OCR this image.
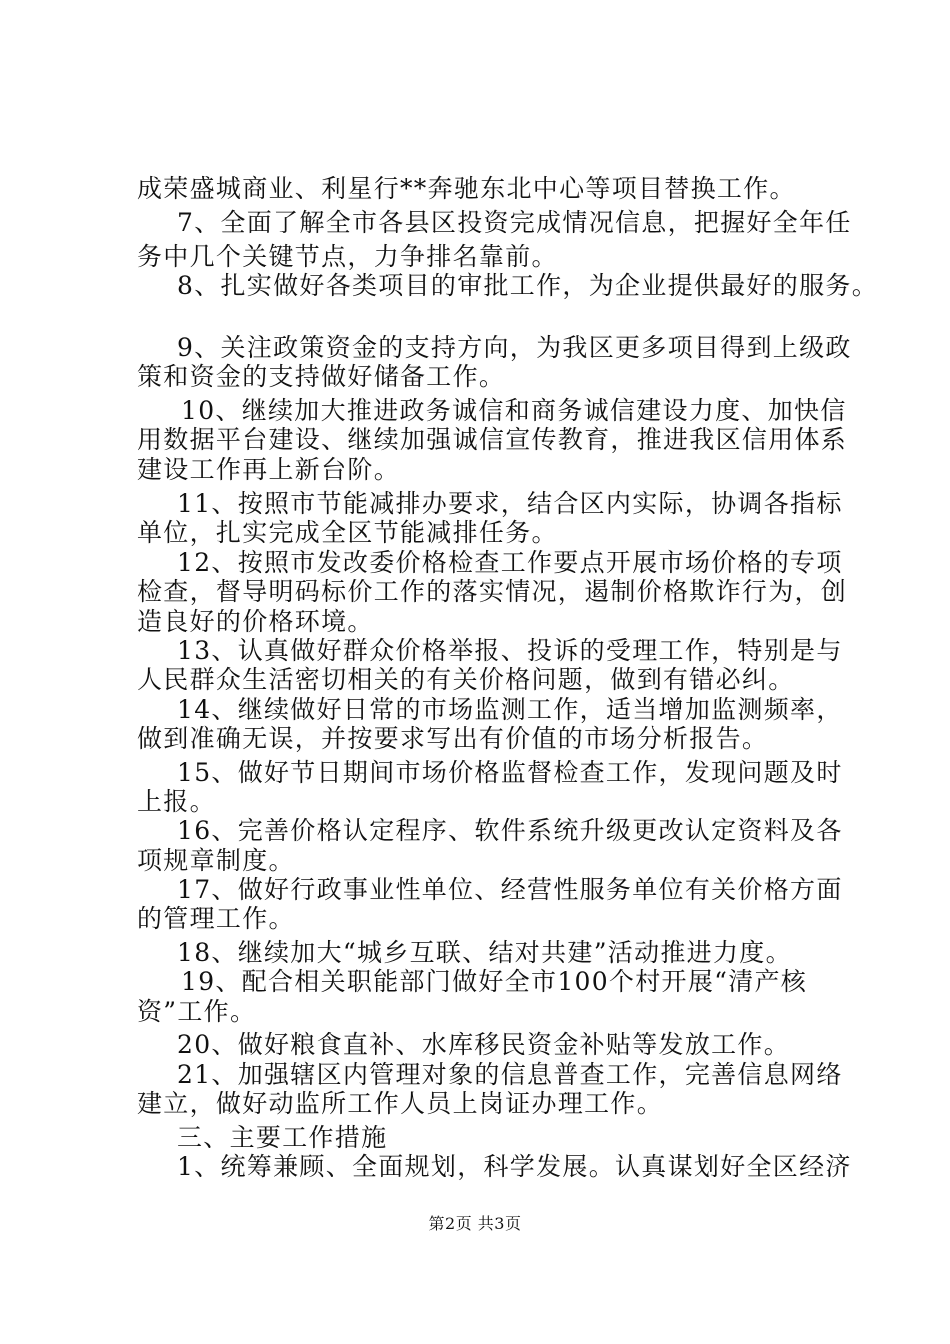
成荣盛城商业、利星行**奔驰东北中心等项目替换工作。
7、全面了解全市各县区投资完成情况信息，把握好全年任
务中几个关键节点，力争排名靠前。
8、扎实做好各类项目的审批工作，为企业提供最好的服务。
9、关注政策资金的支持方向，为我区更多项目得到上级政
策和资金的支持做好储备工作。
10、继续加大推进政务诚信和商务诚信建设力度、加快信
用数据平台建设、继续加强诚信宣传教育，推进我区信用体系
建设工作再上新台阶。
11、按照市节能减排办要求，结合区内实际，协调各指标
单位，扎实完成全区节能减排任务。
12、按照市发改委价格检查工作要点开展市场价格的专项
检查，督导明码标价工作的落实情况，遏制价格欺诈行为，创
造良好的价格环境。
13、认真做好群众价格举报、投诉的受理工作，特别是与
人民群众生活密切相关的有关价格问题，做到有错必纠。
14、继续做好日常的市场监测工作，适当增加监测频率，
做到准确无误，并按要求写出有价值的市场分析报告。
15、做好节日期间市场价格监督检查工作，发现问题及时
上报。
16、完善价格认定程序、软件系统升级更改认定资料及各
项规章制度。
17、做好行政事业性单位、经营性服务单位有关价格方面
的管理工作。
18、继续加大“城乡互联、结对共建”活动推进力度。
19、配合相关职能部门做好全市100个村开展“清产核
资”工作。
20、做好粮食直补、水库移民资金补贴等发放工作。
21、加强辖区内管理对象的信息普查工作，完善信息网络
建立，做好动监所工作人员上岗证办理工作。
三、主要工作措施
1、统筹兼顾、全面规划，科学发展。认真谋划好全区经济
第2页 共3页
